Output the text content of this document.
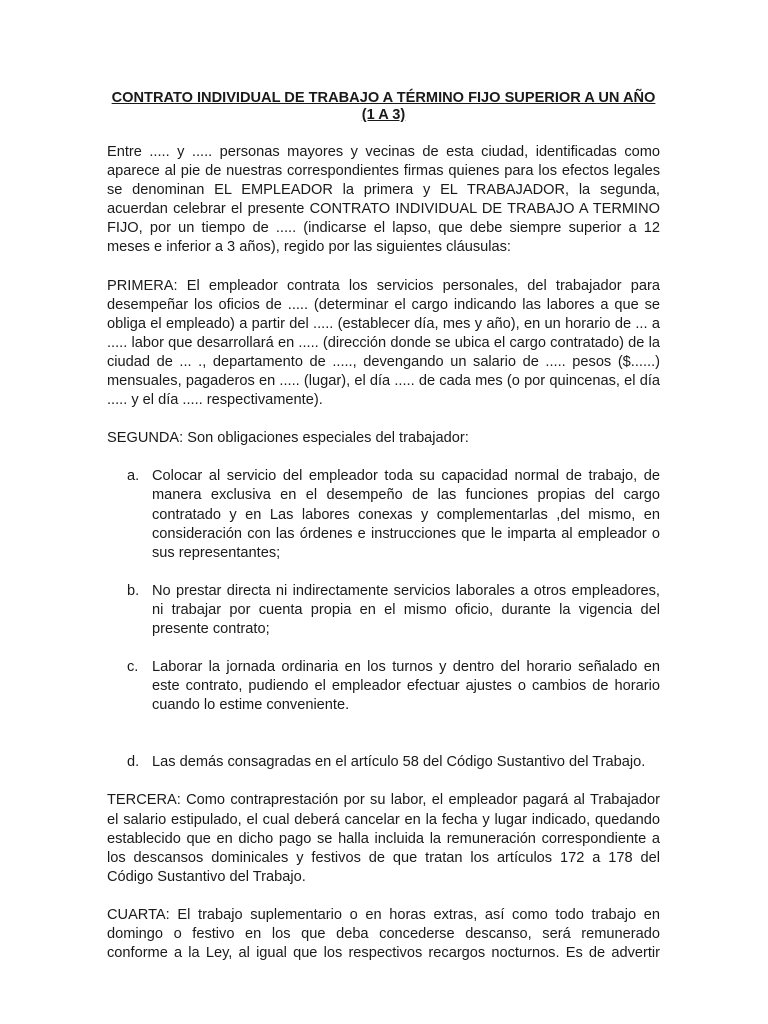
CONTRATO INDIVIDUAL DE TRABAJO A TÉRMINO FIJO SUPERIOR A UN AÑO (1 A 3)

Entre ..... y ..... personas mayores y vecinas de esta ciudad, identificadas como aparece al pie de nuestras correspondientes firmas quienes para los efectos legales se denominan EL EMPLEADOR la primera y EL TRABAJADOR, la segunda, acuerdan celebrar el presente CONTRATO INDIVIDUAL DE TRABAJO A TERMINO FIJO, por un tiempo de ..... (indicarse el lapso, que debe siempre superior a 12 meses e inferior a 3 años), regido por las siguientes cláusulas:

PRIMERA: El empleador contrata los servicios personales, del trabajador para desempeñar los oficios de ..... (determinar el cargo indicando las labores a que se obliga el empleado) a partir del ..... (establecer día, mes y año), en un horario de ... a ..... labor que desarrollará en ..... (dirección donde se ubica el cargo contratado) de la ciudad de ... ., departamento de ....., devengando un salario de ..... pesos ($......) mensuales, pagaderos en ..... (lugar), el día ..... de cada mes (o por quincenas, el día ..... y el día ..... respectivamente).

SEGUNDA: Son obligaciones especiales del trabajador:

a. Colocar al servicio del empleador toda su capacidad normal de trabajo, de manera exclusiva en el desempeño de las funciones propias del cargo contratado y en Las labores conexas y complementarlas ,del mismo, en consideración con las órdenes e instrucciones que le imparta al empleador o sus representantes;
b. No prestar directa ni indirectamente servicios laborales a otros empleadores, ni trabajar por cuenta propia en el mismo oficio, durante la vigencia del presente contrato;
c. Laborar la jornada ordinaria en los turnos y dentro del horario señalado en este contrato, pudiendo el empleador efectuar ajustes o cambios de horario cuando lo estime conveniente.
d. Las demás consagradas en el artículo 58 del Código Sustantivo del Trabajo.

TERCERA: Como contraprestación por su labor, el empleador pagará al Trabajador el salario estipulado, el cual deberá cancelar en la fecha y lugar indicado, quedando establecido que en dicho pago se halla incluida la remuneración correspondiente a los descansos dominicales y festivos de que tratan los artículos 172 a 178 del Código Sustantivo del Trabajo.

CUARTA: El trabajo suplementario o en horas extras, así como todo trabajo en
domingo o festivo en los que deba concederse descanso, será remunerado
conforme a la Ley, al igual que los respectivos recargos nocturnos. Es de advertir
